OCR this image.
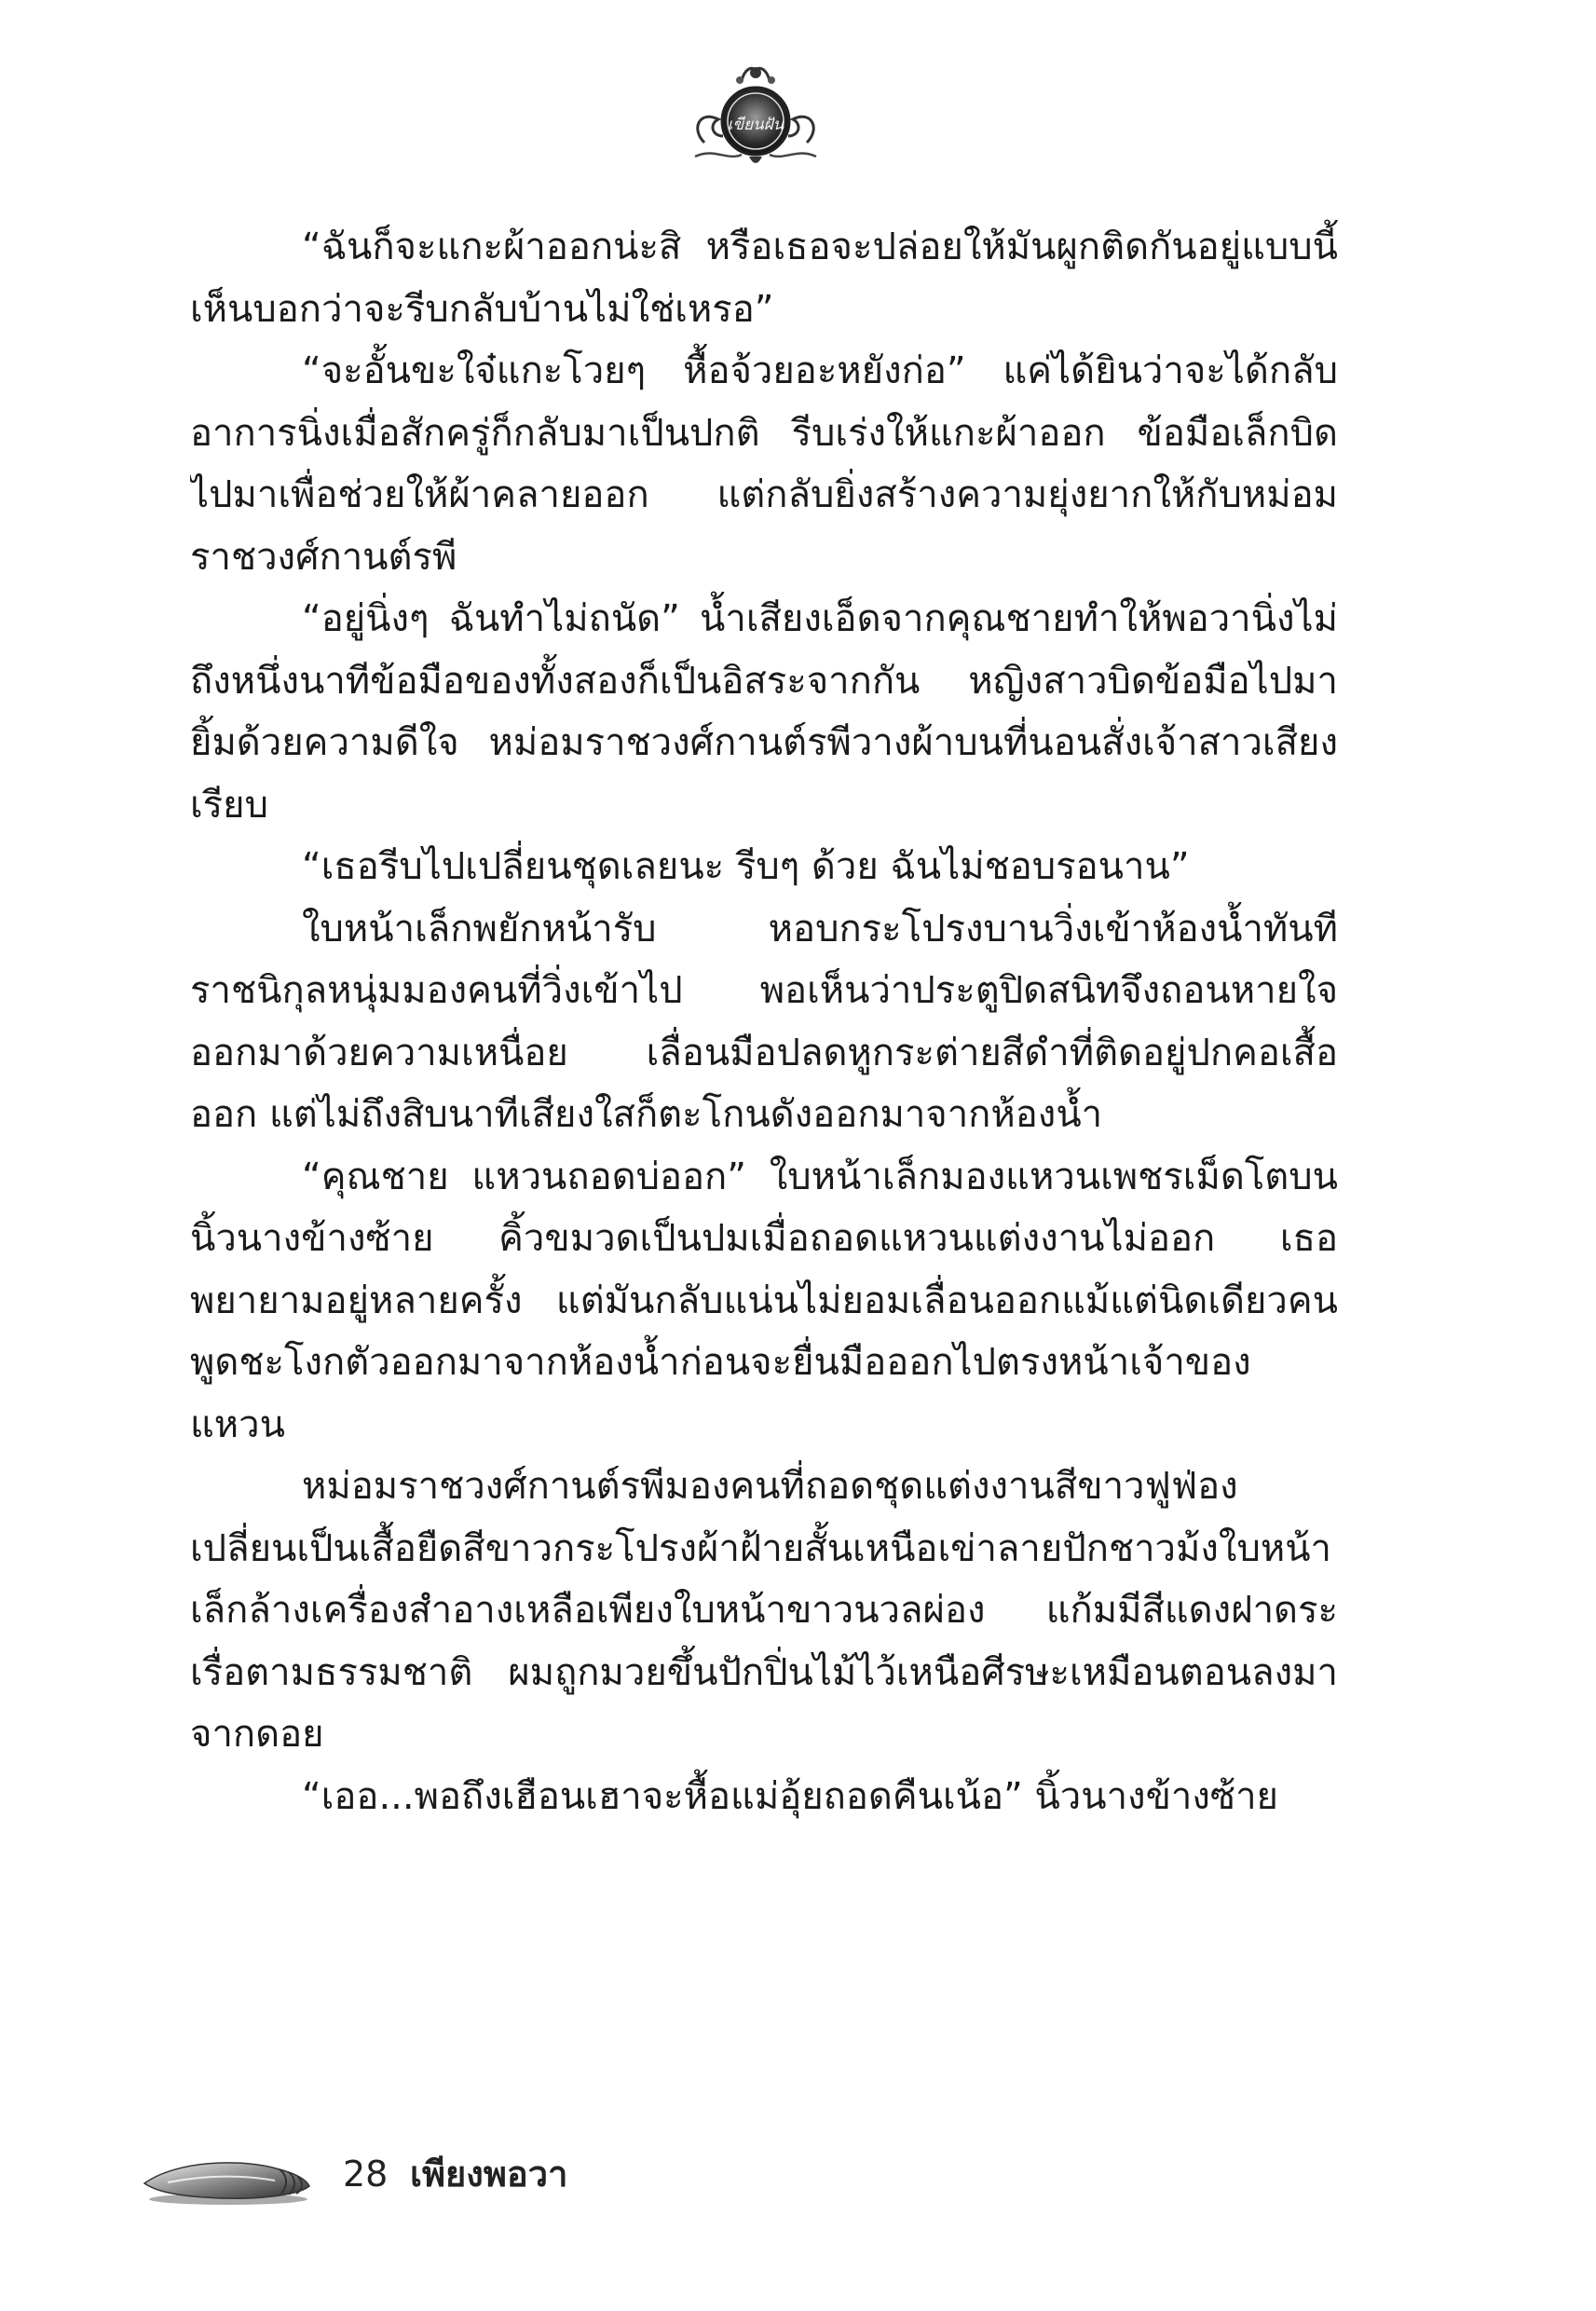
เขียนฝัน

“ฉันก็จะแกะผ้าออกน่ะสิ หรือเธอจะปล่อยให้มันผูกติดกันอยู่แบบนี้ เห็นบอกว่าจะรีบกลับบ้านไม่ใช่เหรอ”

“จะอั้นขะใจ๋แกะโวยๆ หื้อจ้วยอะหยังก่อ” แค่ได้ยินว่าจะได้กลับอาการนิ่งเมื่อสักครู่ก็กลับมาเป็นปกติ รีบเร่งให้แกะผ้าออก ข้อมือเล็กบิดไปมาเพื่อช่วยให้ผ้าคลายออก แต่กลับยิ่งสร้างความยุ่งยากให้กับหม่อมราชวงศ์กานต์รพี

“อยู่นิ่งๆ ฉันทำไม่ถนัด” น้ำเสียงเอ็ดจากคุณชายทำให้พอวานิ่งไม่ถึงหนึ่งนาทีข้อมือของทั้งสองก็เป็นอิสระจากกัน หญิงสาวบิดข้อมือไปมา ยิ้มด้วยความดีใจ หม่อมราชวงศ์กานต์รพีวางผ้าบนที่นอนสั่งเจ้าสาวเสียงเรียบ

“เธอรีบไปเปลี่ยนชุดเลยนะ รีบๆ ด้วย ฉันไม่ชอบรอนาน”

ใบหน้าเล็กพยักหน้ารับ หอบกระโปรงบานวิ่งเข้าห้องน้ำทันทีราชนิกุลหนุ่มมองคนที่วิ่งเข้าไป พอเห็นว่าประตูปิดสนิทจึงถอนหายใจออกมาด้วยความเหนื่อย เลื่อนมือปลดหูกระต่ายสีดำที่ติดอยู่ปกคอเสื้อออก แต่ไม่ถึงสิบนาทีเสียงใสก็ตะโกนดังออกมาจากห้องน้ำ

“คุณชาย แหวนถอดบ่ออก” ใบหน้าเล็กมองแหวนเพชรเม็ดโตบนนิ้วนางข้างซ้าย คิ้วขมวดเป็นปมเมื่อถอดแหวนแต่งงานไม่ออก เธอพยายามอยู่หลายครั้ง แต่มันกลับแน่นไม่ยอมเลื่อนออกแม้แต่นิดเดียวคนพูดชะโงกตัวออกมาจากห้องน้ำก่อนจะยื่นมือออกไปตรงหน้าเจ้าของแหวน

หม่อมราชวงศ์กานต์รพีมองคนที่ถอดชุดแต่งงานสีขาวฟูฟ่องเปลี่ยนเป็นเสื้อยืดสีขาวกระโปรงผ้าฝ้ายสั้นเหนือเข่าลายปักชาวม้งใบหน้าเล็กล้างเครื่องสำอางเหลือเพียงใบหน้าขาวนวลผ่อง แก้มมีสีแดงฝาดระเรื่อตามธรรมชาติ ผมถูกมวยขึ้นปักปิ่นไม้ไว้เหนือศีรษะเหมือนตอนลงมาจากดอย

“เออ...พอถึงเฮือนเฮาจะหื้อแม่อุ้ยถอดคืนเน้อ” นิ้วนางข้างซ้าย

28 เพียงพอวา
